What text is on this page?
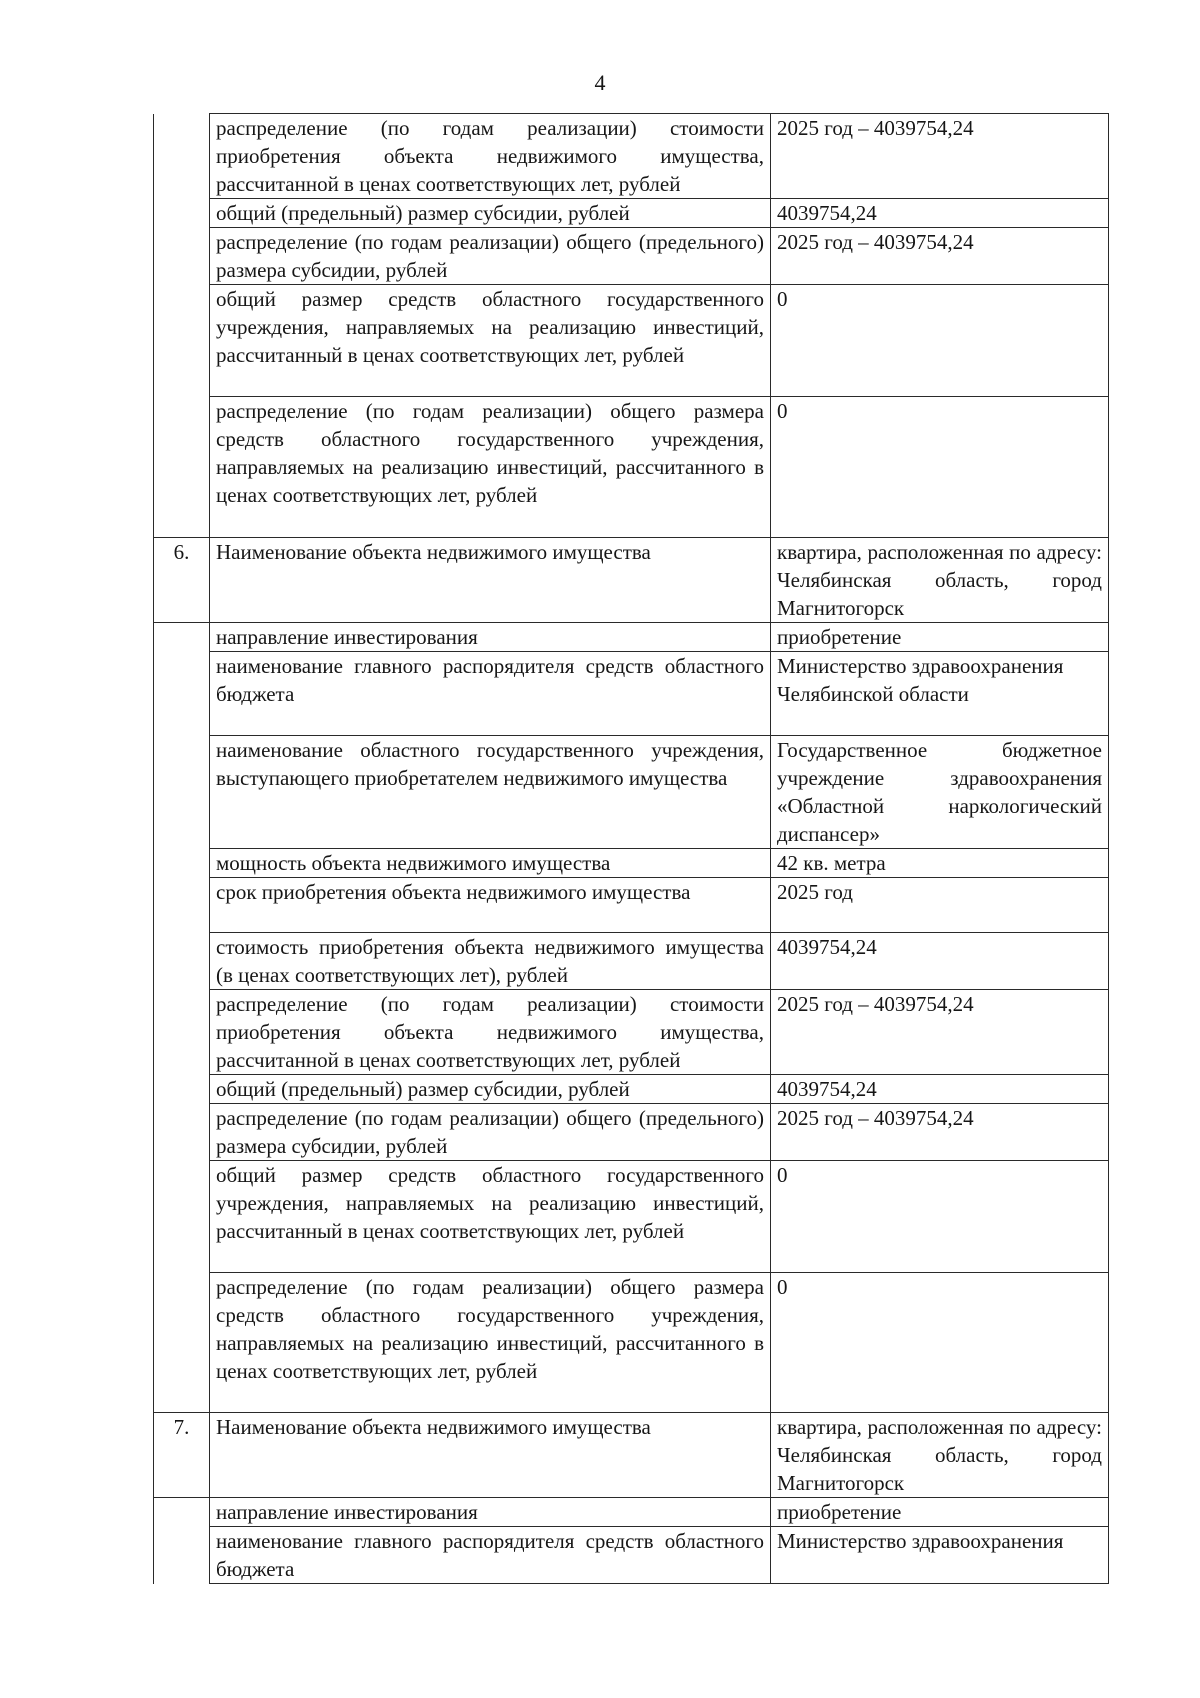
4
	распределение (по годам реализации) стоимости приобретения объекта недвижимого имущества, рассчитанной в ценах соответствующих лет, рублей	2025 год – 4039754,24
	общий (предельный) размер субсидии, рублей	4039754,24
	распределение (по годам реализации) общего (предельного) размера субсидии, рублей	2025 год – 4039754,24
	общий размер средств областного государственного учреждения, направляемых на реализацию инвестиций, рассчитанный в ценах соответствующих лет, рублей	0
	распределение (по годам реализации) общего размера средств областного государственного учреждения, направляемых на реализацию инвестиций, рассчитанного в ценах соответствующих лет, рублей	0
6.	Наименование объекта недвижимого имущества	квартира, расположенная по адресу: Челябинская область, город Магнитогорск
	направление инвестирования	приобретение
	наименование главного распорядителя средств областного бюджета	Министерство здравоохранения Челябинской области
	наименование областного государственного учреждения, выступающего приобретателем недвижимого имущества	Государственное бюджетное учреждение здравоохранения «Областной наркологический диспансер»
	мощность объекта недвижимого имущества	42 кв. метра
	срок приобретения объекта недвижимого имущества	2025 год
	стоимость приобретения объекта недвижимого имущества (в ценах соответствующих лет), рублей	4039754,24
	распределение (по годам реализации) стоимости приобретения объекта недвижимого имущества, рассчитанной в ценах соответствующих лет, рублей	2025 год – 4039754,24
	общий (предельный) размер субсидии, рублей	4039754,24
	распределение (по годам реализации) общего (предельного) размера субсидии, рублей	2025 год – 4039754,24
	общий размер средств областного государственного учреждения, направляемых на реализацию инвестиций, рассчитанный в ценах соответствующих лет, рублей	0
	распределение (по годам реализации) общего размера средств областного государственного учреждения, направляемых на реализацию инвестиций, рассчитанного в ценах соответствующих лет, рублей	0
7.	Наименование объекта недвижимого имущества	квартира, расположенная по адресу: Челябинская область, город Магнитогорск
	направление инвестирования	приобретение
	наименование главного распорядителя средств областного бюджета	Министерство здравоохранения
